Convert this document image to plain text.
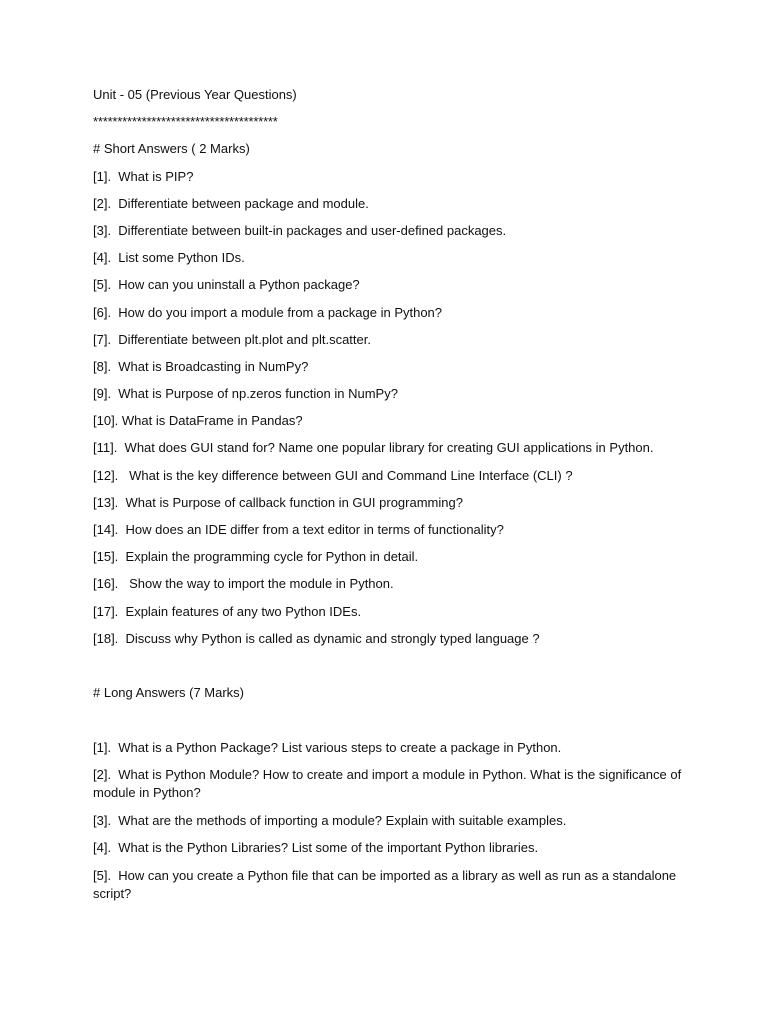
Unit - 05 (Previous Year Questions)
**************************************
# Short Answers ( 2 Marks)
[1].  What is PIP?
[2].  Differentiate between package and module.
[3].  Differentiate between built-in packages and user-defined packages.
[4].  List some Python IDs.
[5].  How can you uninstall a Python package?
[6].  How do you import a module from a package in Python?
[7].  Differentiate between plt.plot and plt.scatter.
[8].  What is Broadcasting in NumPy?
[9].  What is Purpose of np.zeros function in NumPy?
[10]. What is DataFrame in Pandas?
[11].  What does GUI stand for? Name one popular library for creating GUI applications in Python.
[12].   What is the key difference between GUI and Command Line Interface (CLI) ?
[13].  What is Purpose of callback function in GUI programming?
[14].  How does an IDE differ from a text editor in terms of functionality?
[15].  Explain the programming cycle for Python in detail.
[16].   Show the way to import the module in Python.
[17].  Explain features of any two Python IDEs.
[18].  Discuss why Python is called as dynamic and strongly typed language ?
# Long Answers (7 Marks)
[1].  What is a Python Package? List various steps to create a package in Python.
[2].  What is Python Module? How to create and import a module in Python. What is the significance of module in Python?
[3].  What are the methods of importing a module? Explain with suitable examples.
[4].  What is the Python Libraries? List some of the important Python libraries.
[5].  How can you create a Python file that can be imported as a library as well as run as a standalone script?
